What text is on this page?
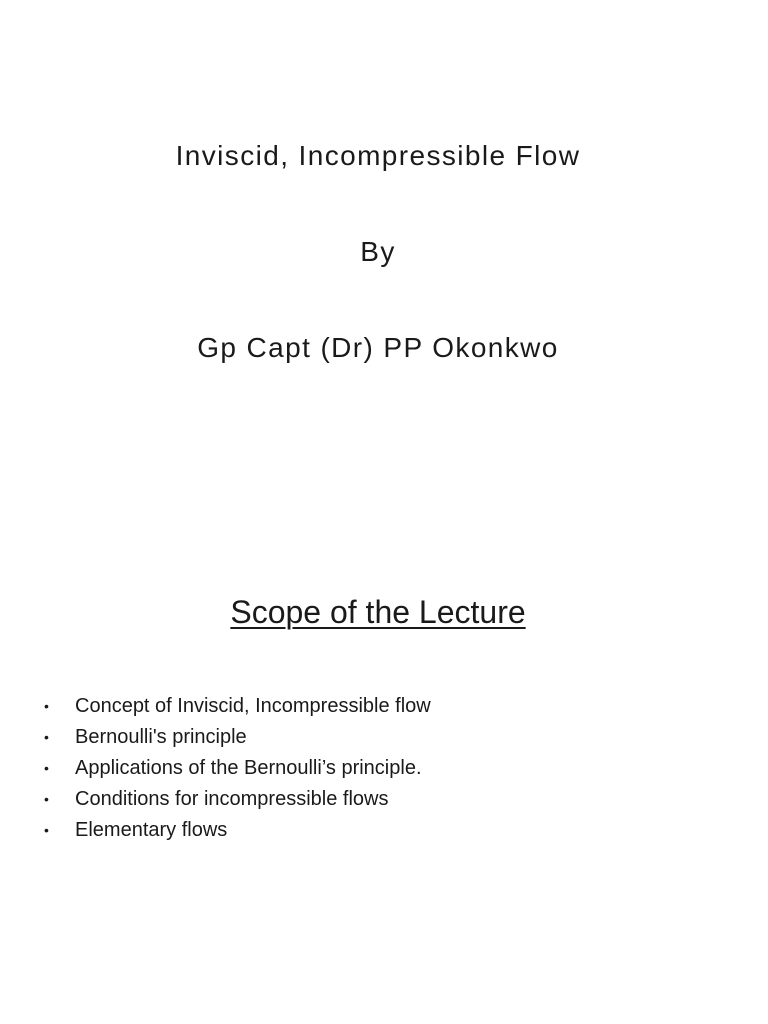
Inviscid, Incompressible Flow
By
Gp Capt (Dr) PP Okonkwo
Scope of the Lecture
• Concept of Inviscid, Incompressible flow
• Bernoulli's principle
• Applications of the Bernoulli’s principle.
• Conditions for incompressible flows
• Elementary flows
